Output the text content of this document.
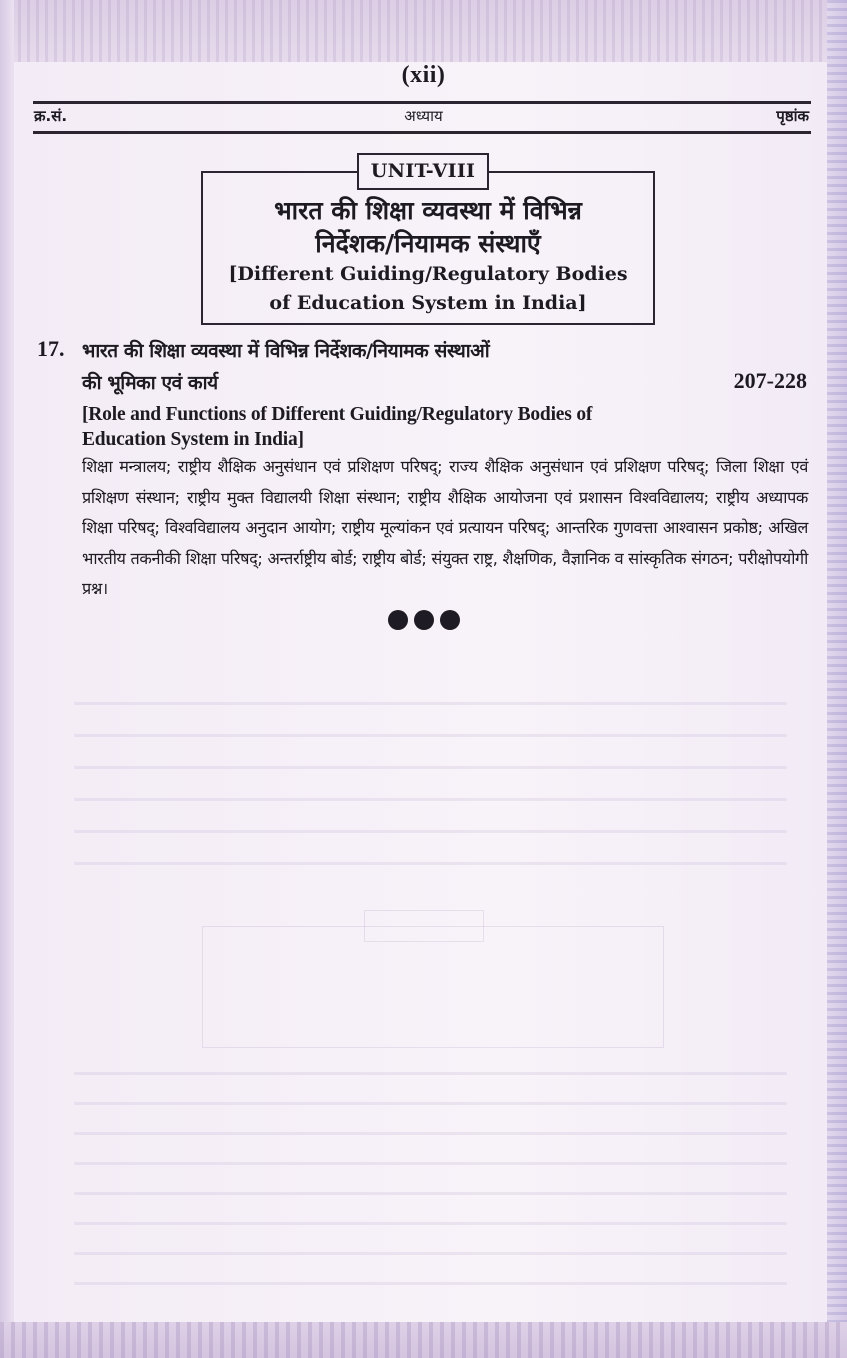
(xii)
क्र.सं.	अध्याय	पृष्ठांक
UNIT-VIII
भारत की शिक्षा व्यवस्था में विभिन्न
निर्देशक/नियामक संस्थाएँ
[Different Guiding/Regulatory Bodies
of Education System in India]
17. भारत की शिक्षा व्यवस्था में विभिन्न निर्देशक/नियामक संस्थाओं
की भूमिका एवं कार्य	207-228
[Role and Functions of Different Guiding/Regulatory Bodies of
Education System in India]
शिक्षा मन्त्रालय; राष्ट्रीय शैक्षिक अनुसंधान एवं प्रशिक्षण परिषद्; राज्य शैक्षिक अनुसंधान एवं प्रशिक्षण परिषद्; जिला शिक्षा एवं प्रशिक्षण संस्थान; राष्ट्रीय मुक्त विद्यालयी शिक्षा संस्थान; राष्ट्रीय शैक्षिक आयोजना एवं प्रशासन विश्वविद्यालय; राष्ट्रीय अध्यापक शिक्षा परिषद्; विश्वविद्यालय अनुदान आयोग; राष्ट्रीय मूल्यांकन एवं प्रत्यायन परिषद्; आन्तरिक गुणवत्ता आश्वासन प्रकोष्ठ; अखिल भारतीय तकनीकी शिक्षा परिषद्; अन्तर्राष्ट्रीय बोर्ड; राष्ट्रीय बोर्ड; संयुक्त राष्ट्र, शैक्षणिक, वैज्ञानिक व सांस्कृतिक संगठन; परीक्षोपयोगी प्रश्न।
